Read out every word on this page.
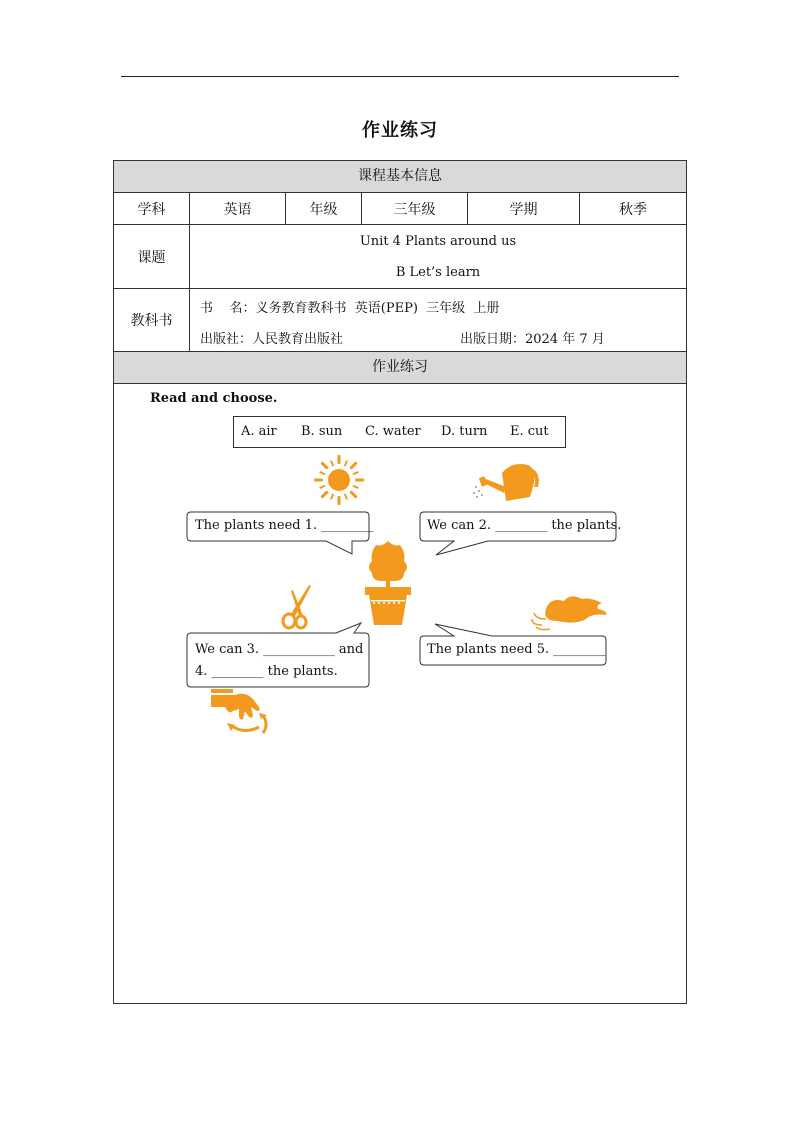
作业练习
课程基本信息
学科	英语	年级	三年级	学期	秋季
课题
Unit 4 Plants around us
B Let’s learn
教科书
书    名：义务教育教科书  英语(PEP)  三年级  上册
出版社：人民教育出版社	出版日期：2024 年 7 月
作业练习
Read and choose.
A. air B. sun C. water D. turn E. cut
The plants need 1. ________	We can 2. ________ the plants.
We can 3. ___________ and
4. ________ the plants.
The plants need 5. ________
